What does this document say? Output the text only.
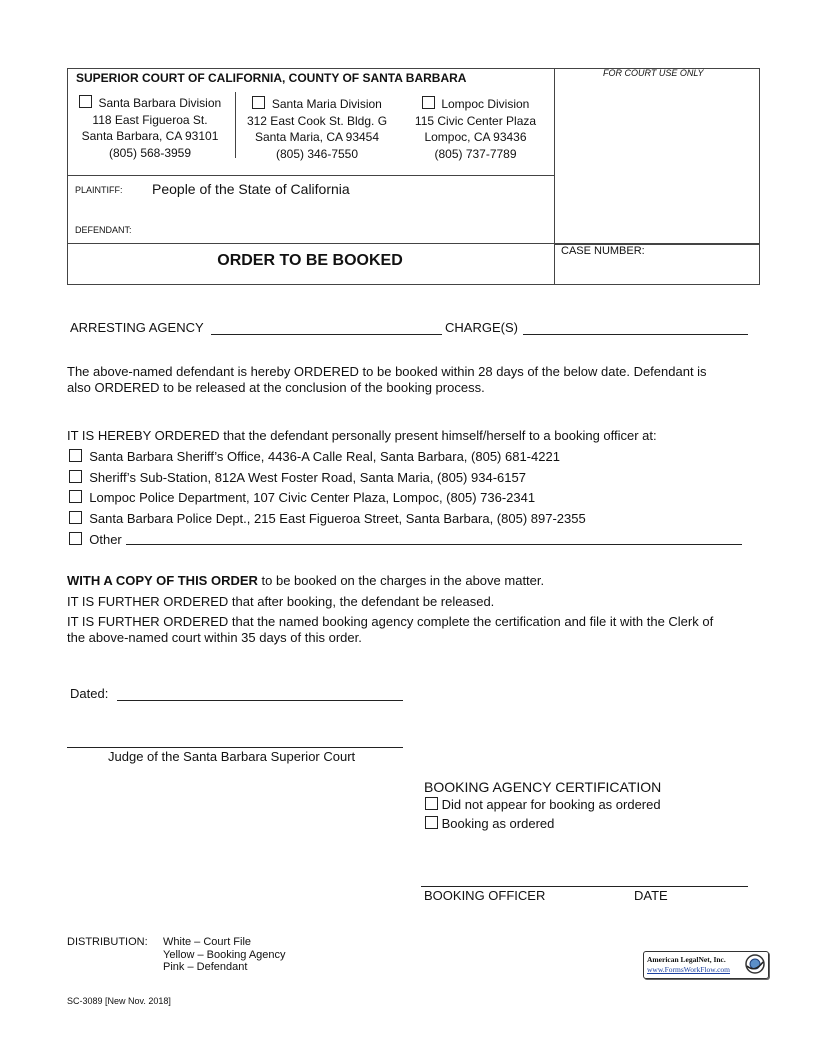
SUPERIOR COURT OF CALIFORNIA, COUNTY OF SANTA BARBARA	FOR COURT USE ONLY
Santa Barbara Division
118 East Figueroa St.
Santa Barbara, CA 93101
(805) 568-3959
Santa Maria Division
312 East Cook St. Bldg. G
Santa Maria, CA 93454
(805) 346-7550
Lompoc Division
115 Civic Center Plaza
Lompoc, CA 93436
(805) 737-7789
PLAINTIFF: People of the State of California
DEFENDANT:
ORDER TO BE BOOKED
CASE NUMBER:
ARRESTING AGENCY	CHARGE(S)
The above-named defendant is hereby ORDERED to be booked within 28 days of the below date. Defendant is
also ORDERED to be released at the conclusion of the booking process.
IT IS HEREBY ORDERED that the defendant personally present himself/herself to a booking officer at:
Santa Barbara Sheriff’s Office, 4436-A Calle Real, Santa Barbara, (805) 681-4221
Sheriff’s Sub-Station, 812A West Foster Road, Santa Maria, (805) 934-6157
Lompoc Police Department, 107 Civic Center Plaza, Lompoc, (805) 736-2341
Santa Barbara Police Dept., 215 East Figueroa Street, Santa Barbara, (805) 897-2355
Other
WITH A COPY OF THIS ORDER to be booked on the charges in the above matter.
IT IS FURTHER ORDERED that after booking, the defendant be released.
IT IS FURTHER ORDERED that the named booking agency complete the certification and file it with the Clerk of
the above-named court within 35 days of this order.
Dated:
Judge of the Santa Barbara Superior Court
BOOKING AGENCY CERTIFICATION
Did not appear for booking as ordered
Booking as ordered
BOOKING OFFICER	DATE
DISTRIBUTION: White – Court File
Yellow – Booking Agency
Pink – Defendant
American LegalNet, Inc.
www.FormsWorkFlow.com
SC-3089 [New Nov. 2018]
